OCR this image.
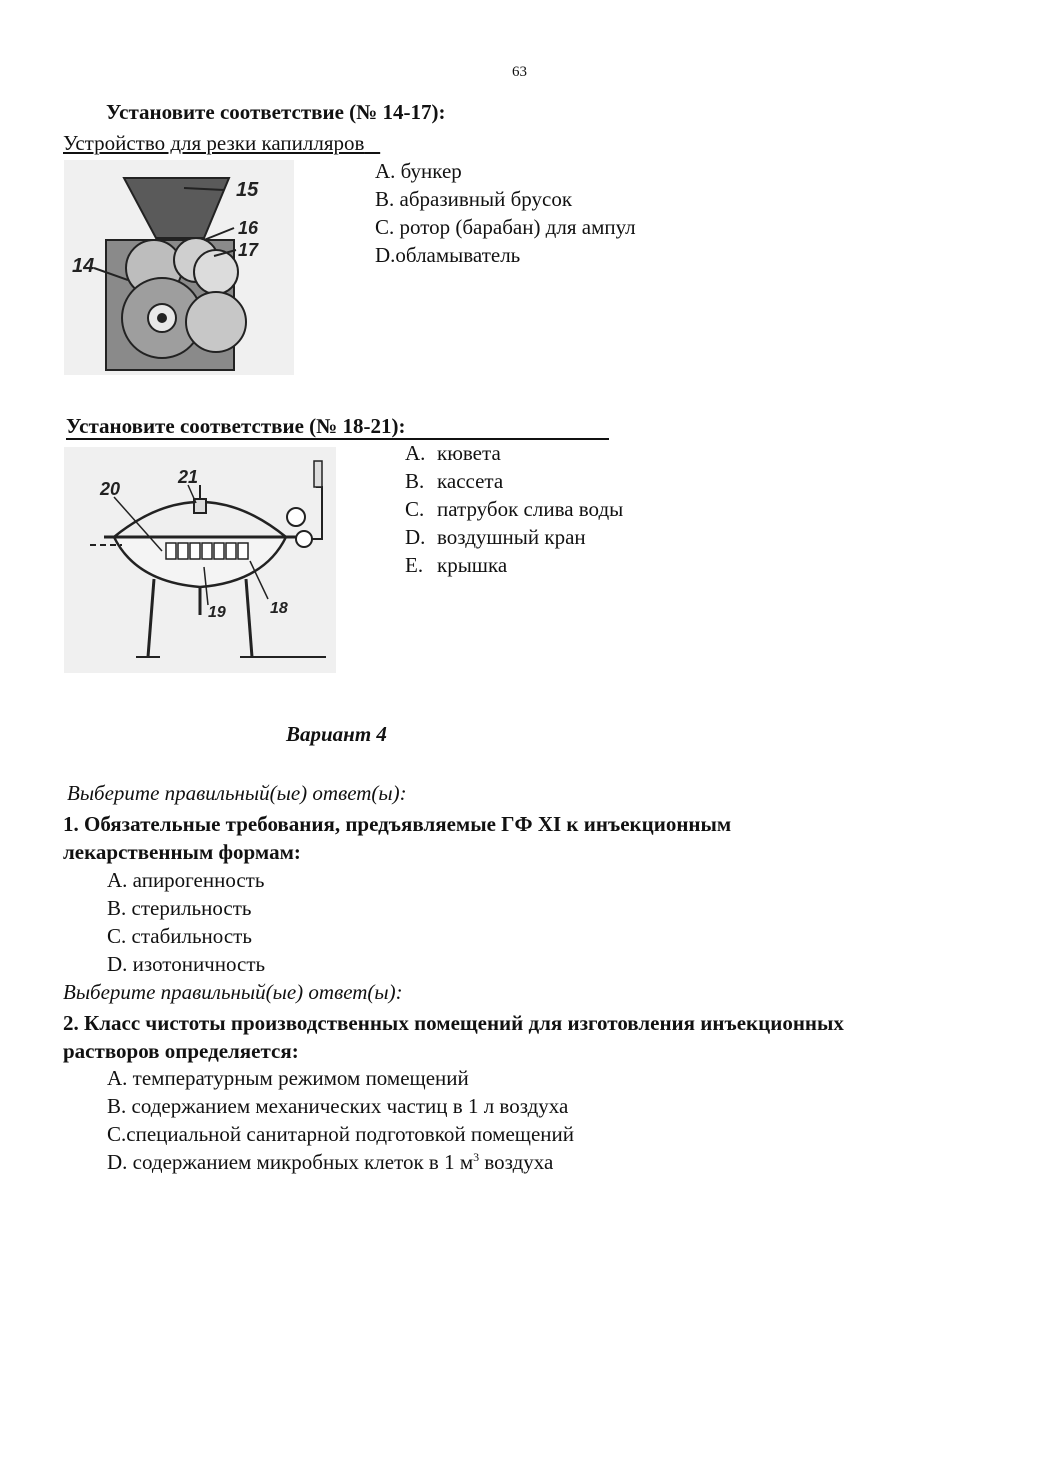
63
Установите соответствие (№ 14-17):
Устройство для резки капилляров
15
16
17
14
A. бункер
B. абразивный брусок
C. ротор (барабан) для ампул
D.обламыватель
Установите соответствие (№ 18-21):
20
21
19	18
A. кювета
B. кассета
C. патрубок слива воды
D. воздушный кран
E. крышка
Вариант 4
Выберите правильный(ые) ответ(ы):
1. Обязательные требования, предъявляемые ГФ XI к инъекционным
лекарственным формам:
A. апирогенность
B. стерильность
C. стабильность
D. изотоничность
Выберите правильный(ые) ответ(ы):
2. Класс чистоты производственных помещений для изготовления инъекционных
растворов определяется:
A. температурным режимом помещений
B. содержанием механических частиц в 1 л воздуха
C.специальной санитарной подготовкой помещений
D. содержанием микробных клеток в 1 $м^3$ воздуха
